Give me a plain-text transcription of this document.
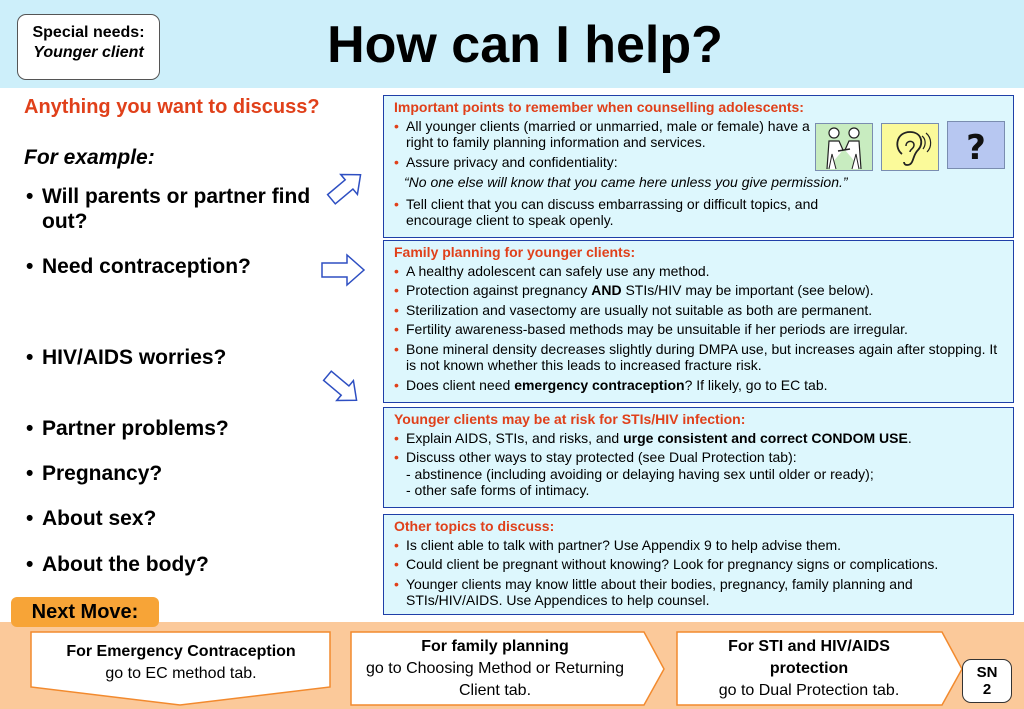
Special needs:
Younger client	How can I help?
Anything you want to discuss?
For example:
• Will parents or partner find out?
• Need contraception?
• HIV/AIDS worries?
• Partner problems?
• Pregnancy?
• About sex?
• About the body?
Important points to remember when counselling adolescents:
• All younger clients (married or unmarried, male or female) have a right to family planning information and services.
• Assure privacy and confidentiality:
“No one else will know that you came here unless you give permission.”
• Tell client that you can discuss embarrassing or difficult topics, and encourage client to speak openly.
?
Family planning for younger clients:
• A healthy adolescent can safely use any method.
• Protection against pregnancy AND STIs/HIV may be important (see below).
• Sterilization and vasectomy are usually not suitable as both are permanent.
• Fertility awareness-based methods may be unsuitable if her periods are irregular.
• Bone mineral density decreases slightly during DMPA use, but increases again after stopping. It is not known whether this leads to increased fracture risk.
• Does client need emergency contraception? If likely, go to EC tab.
Younger clients may be at risk for STIs/HIV infection:
• Explain AIDS, STIs, and risks, and urge consistent and correct CONDOM USE.
• Discuss other ways to stay protected (see Dual Protection tab):
- abstinence (including avoiding or delaying having sex until older or ready);
- other safe forms of intimacy.
Other topics to discuss:
• Is client able to talk with partner? Use Appendix 9 to help advise them.
• Could client be pregnant without knowing? Look for pregnancy signs or complications.
• Younger clients may know little about their bodies, pregnancy, family planning and STIs/HIV/AIDS. Use Appendices to help counsel.
Next Move:
For Emergency Contraception
go to EC method tab.
For family planning
go to Choosing Method or Returning Client tab.
For STI and HIV/AIDS protection
go to Dual Protection tab.
SN
2
